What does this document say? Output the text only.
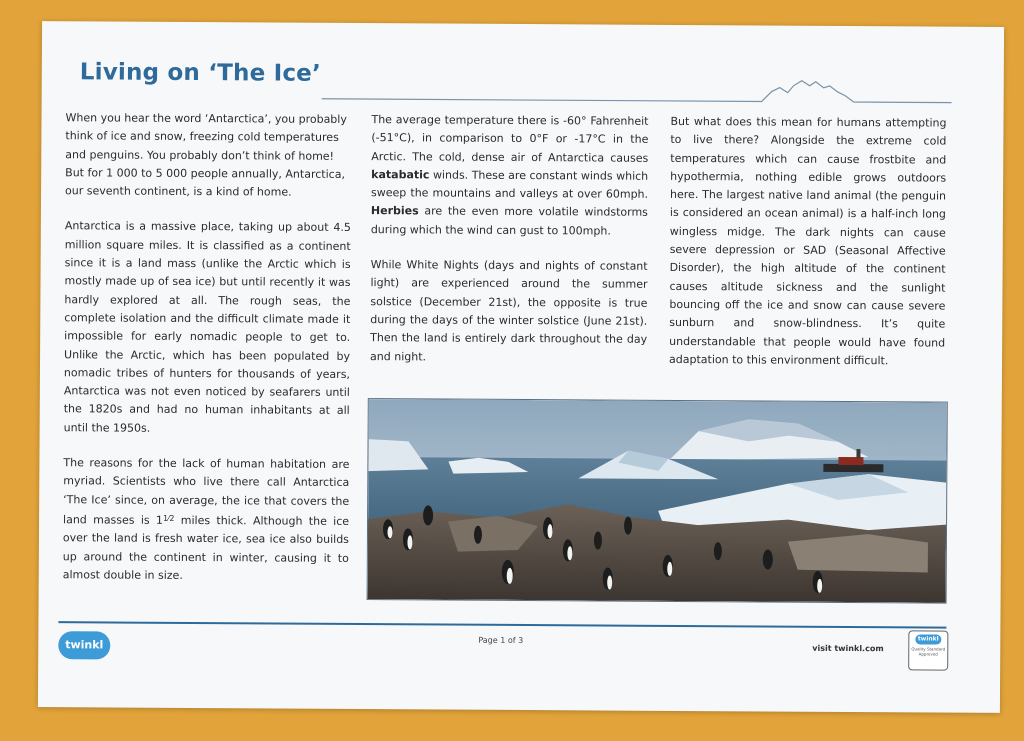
Living on ‘The Ice’

When you hear the word ‘Antarctica’, you probably think of ice and snow, freezing cold temperatures and penguins. You probably don’t think of home! But for 1 000 to 5 000 people annually, Antarctica, our seventh continent, is a kind of home.

Antarctica is a massive place, taking up about 4.5 million square miles. It is classified as a continent since it is a land mass (unlike the Arctic which is mostly made up of sea ice) but until recently it was hardly explored at all. The rough seas, the complete isolation and the difficult climate made it impossible for early nomadic people to get to. Unlike the Arctic, which has been populated by nomadic tribes of hunters for thousands of years, Antarctica was not even noticed by seafarers until the 1820s and had no human inhabitants at all until the 1950s.

The reasons for the lack of human habitation are myriad. Scientists who live there call Antarctica ‘The Ice’ since, on average, the ice that covers the land masses is $1^{1⁄2}$ miles thick. Although the ice over the land is fresh water ice, sea ice also builds up around the continent in winter, causing it to almost double in size.

The average temperature there is -60° Fahrenheit (-51°C), in comparison to 0°F or -17°C in the Arctic. The cold, dense air of Antarctica causes katabatic winds. These are constant winds which sweep the mountains and valleys at over 60mph. Herbies are the even more volatile windstorms during which the wind can gust to 100mph.

While White Nights (days and nights of constant light) are experienced around the summer solstice (December 21st), the opposite is true during the days of the winter solstice (June 21st). Then the land is entirely dark throughout the day and night.

But what does this mean for humans attempting to live there? Alongside the extreme cold temperatures which can cause frostbite and hypothermia, nothing edible grows outdoors here. The largest native land animal (the penguin is considered an ocean animal) is a half-inch long wingless midge. The dark nights can cause severe depression or SAD (Seasonal Affective Disorder), the high altitude of the continent causes altitude sickness and the sunlight bouncing off the ice and snow can cause severe sunburn and snow-blindness. It’s quite understandable that people would have found adaptation to this environment difficult.

twinkl	Page 1 of 3
visit twinkl.com
twinkl
Quality Standard Approved
